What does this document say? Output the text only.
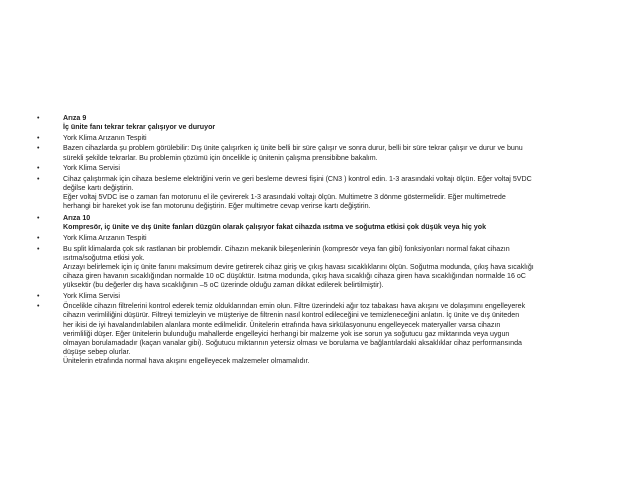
•	Arıza 9
İç ünite fanı tekrar tekrar çalışıyor ve duruyor
•	York Klima Arızanın Tespiti
•	Bazen cihazlarda şu problem görülebilir: Dış ünite çalışırken iç ünite belli bir süre çalışır ve sonra durur, belli bir süre tekrar çalışır ve durur ve bunu
sürekli şekilde tekrarlar. Bu problemin çözümü için öncelikle iç ünitenin çalışma prensibibne bakalım.
•	York Klima Servisi
•	Cihaz çalıştırmak için cihaza besleme elektriğini verin ve geri besleme devresi fişini (CN3 ) kontrol edin. 1-3 arasındaki voltajı ölçün. Eğer voltaj 5VDC
değilse kartı değiştirin.
Eğer voltaj 5VDC ise o zaman fan motorunu el ile çevirerek 1-3 arasındaki voltajı ölçün. Multimetre 3 dönme göstermelidir. Eğer multimetrede
herhangi bir hareket yok ise fan motorunu değiştirin. Eğer multimetre cevap verirse kartı değiştirin.
•	Arıza 10
Kompresör, iç ünite ve dış ünite fanları düzgün olarak çalışıyor fakat cihazda ısıtma ve soğutma etkisi çok düşük veya hiç yok
•	York Klima Arızanın Tespiti
•	Bu split klimalarda çok sık rastlanan bir problemdir. Cihazın mekanik bileşenlerinin (kompresör veya fan gibi) fonksiyonları normal fakat cihazın
ısıtma/soğutma etkisi yok.
Arızayı belirlemek için iç ünite fanını maksimum devire getirerek cihaz giriş ve çıkış havası sıcaklıklarını ölçün. Soğutma modunda, çıkış hava sıcaklığı
cihaza giren havanın sıcaklığından normalde 10 oC düşüktür. Isıtma modunda, çıkış hava sıcaklığı cihaza giren hava sıcaklığından normalde 16 oC
yüksektir (bu değerler dış hava sıcaklığının –5 oC üzerinde olduğu zaman dikkat edilerek belirtilmiştir).
•	York Klima Servisi
•	Öncelikle cihazın filtrelerini kontrol ederek temiz olduklarından emin olun. Filtre üzerindeki ağır toz tabakası hava akışını ve dolaşımını engelleyerek
cihazın verimliliğini düşürür. Filtreyi temizleyin ve müşteriye de filtrenin nasıl kontrol edileceğini ve temizleneceğini anlatın. İç ünite ve dış üniteden
her ikisi de iyi havalandırılabilen alanlara monte edilmelidir. Ünitelerin etrafında hava sirkülasyonunu engelleyecek materyaller varsa cihazın
verimliliği düşer. Eğer ünitelerin bulunduğu mahallerde engelleyici herhangi bir malzeme yok ise sorun ya soğutucu gaz miktarında veya uygun
olmayan borulamadadır (kaçan vanalar gibi). Soğutucu miktarının yetersiz olması ve borulama ve bağlantılardaki aksaklıklar cihaz performansında
düşüşe sebep olurlar.
Ünitelerin etrafında normal hava akışını engelleyecek malzemeler olmamalıdır.
